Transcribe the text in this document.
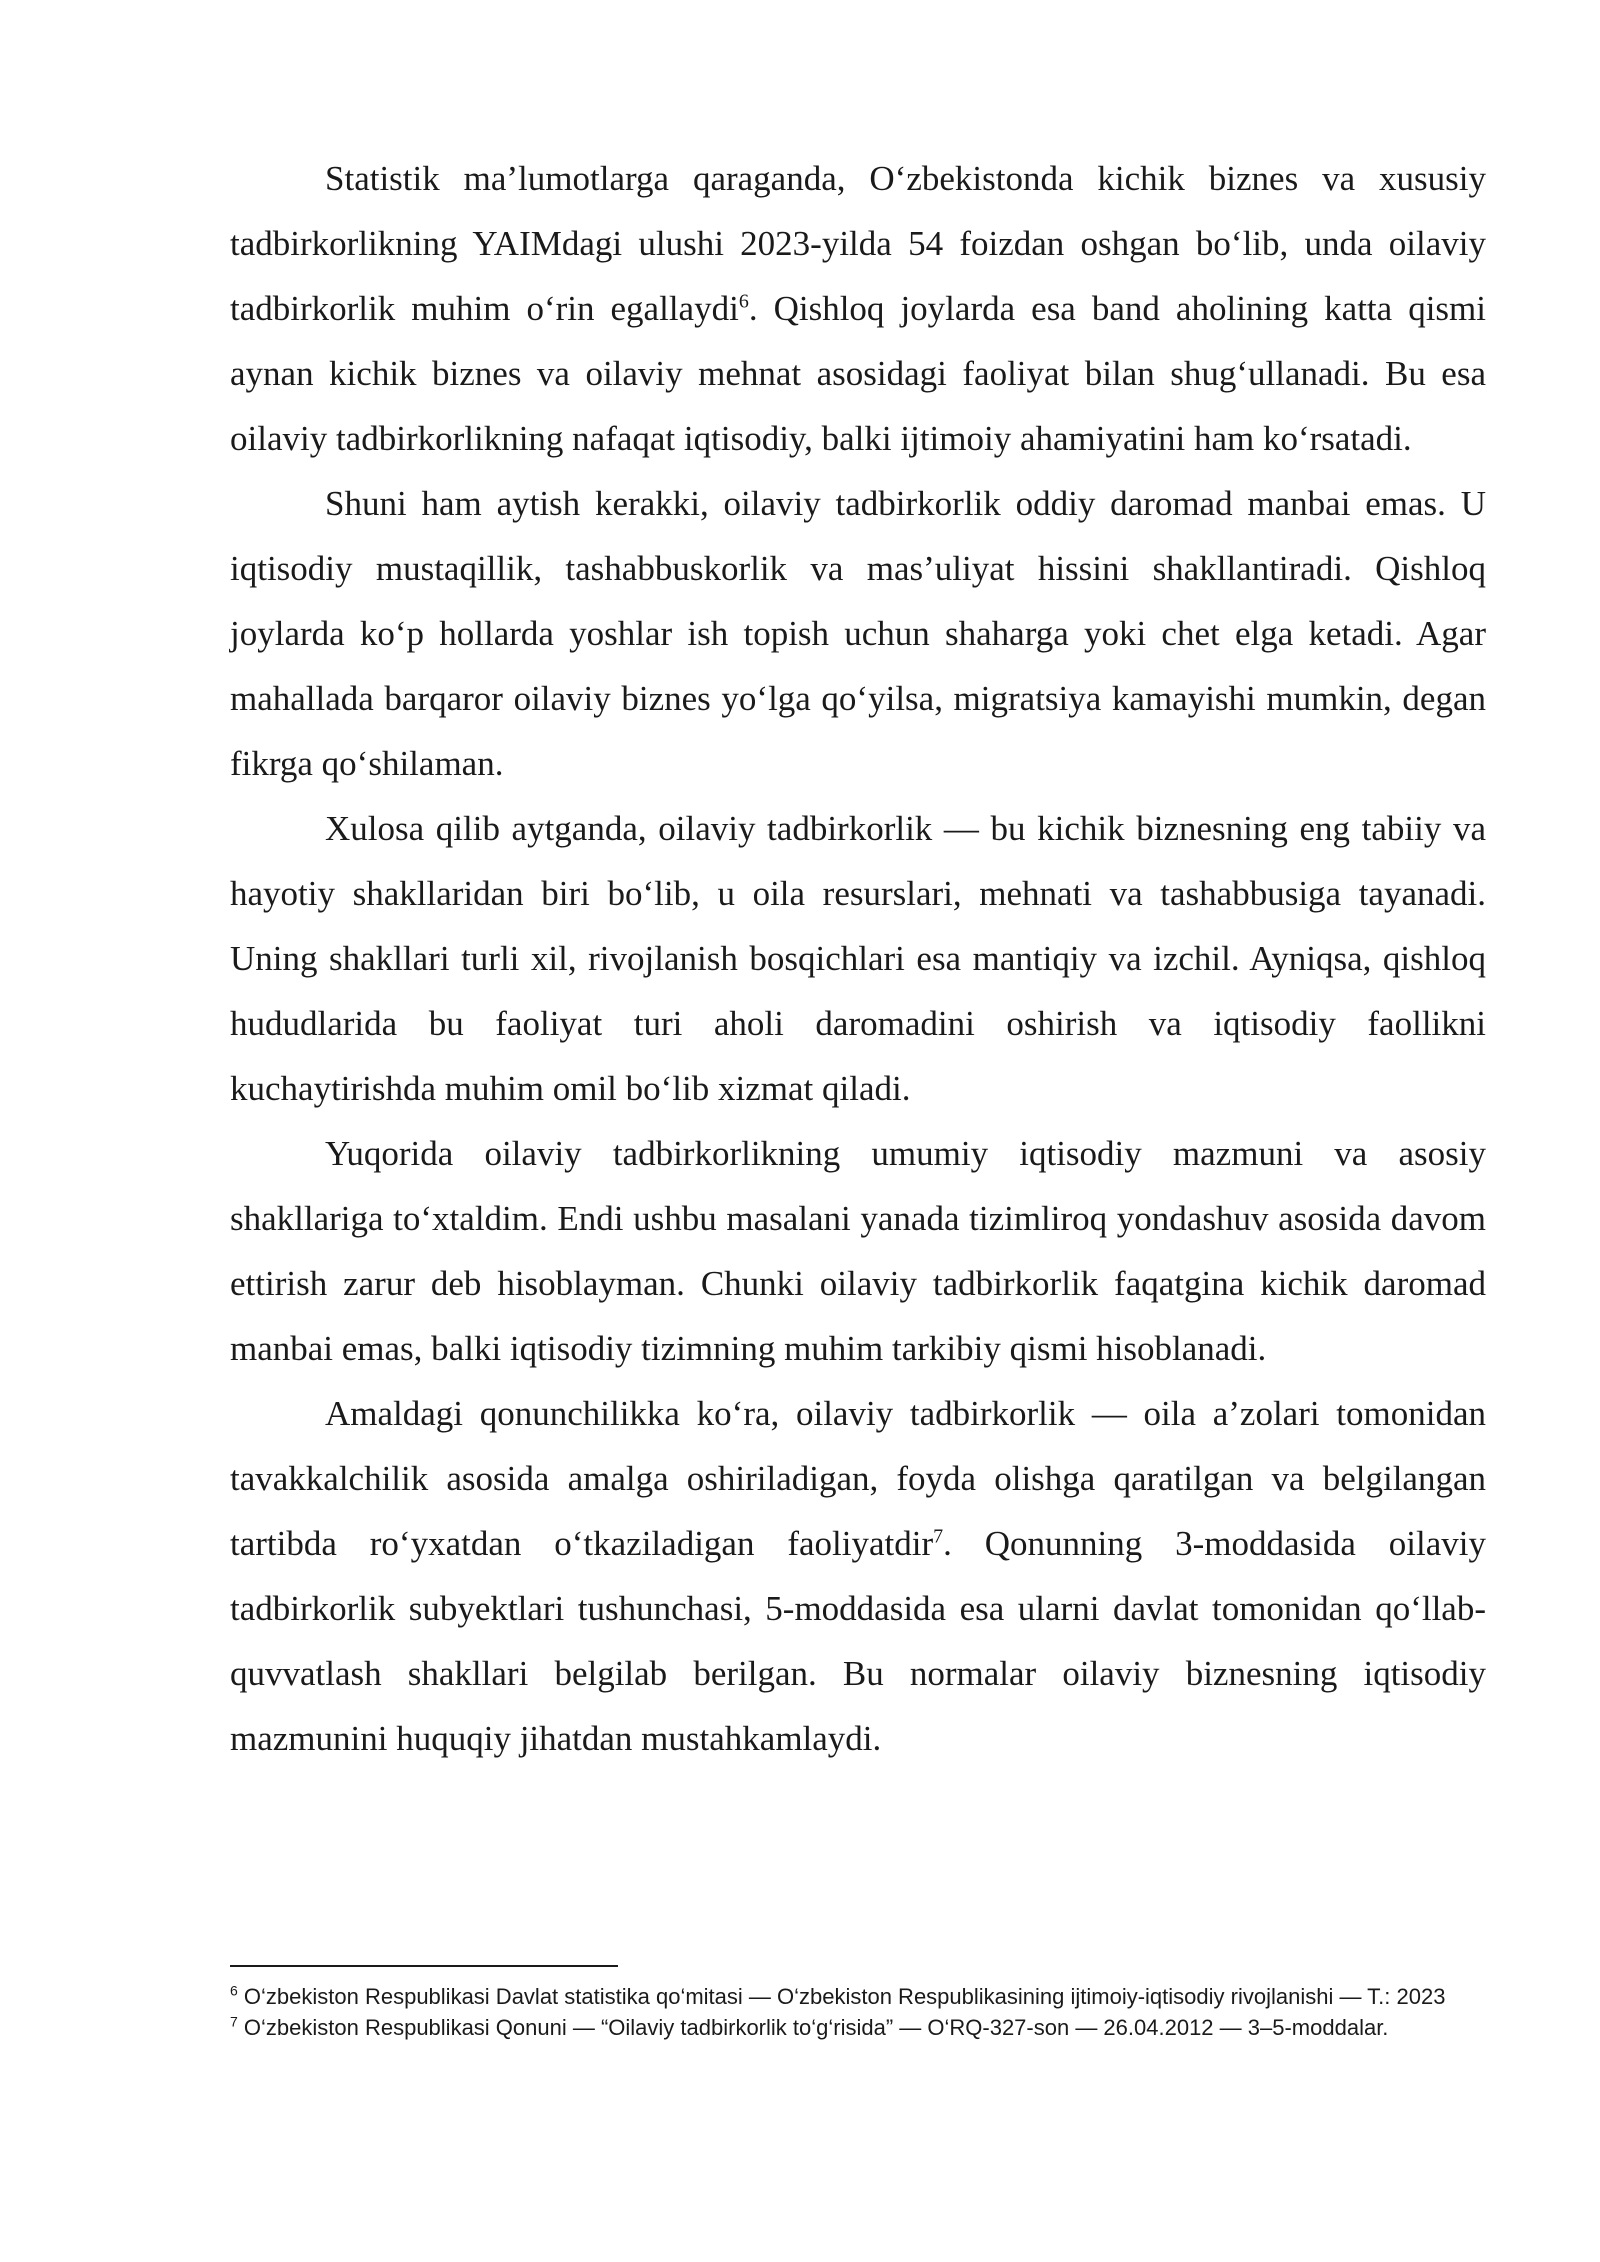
Statistik ma’lumotlarga qaraganda, O‘zbekistonda kichik biznes va xususiy tadbirkorlikning YAIMdagi ulushi 2023-yilda 54 foizdan oshgan bo‘lib, unda oilaviy tadbirkorlik muhim o‘rin egallaydi$^6$. Qishloq joylarda esa band aholining katta qismi aynan kichik biznes va oilaviy mehnat asosidagi faoliyat bilan shug‘ullanadi. Bu esa oilaviy tadbirkorlikning nafaqat iqtisodiy, balki ijtimoiy ahamiyatini ham ko‘rsatadi.

Shuni ham aytish kerakki, oilaviy tadbirkorlik oddiy daromad manbai emas. U iqtisodiy mustaqillik, tashabbuskorlik va mas’uliyat hissini shakllantiradi. Qishloq joylarda ko‘p hollarda yoshlar ish topish uchun shaharga yoki chet elga ketadi. Agar mahallada barqaror oilaviy biznes yo‘lga qo‘yilsa, migratsiya kamayishi mumkin, degan fikrga qo‘shilaman.

Xulosa qilib aytganda, oilaviy tadbirkorlik — bu kichik biznesning eng tabiiy va hayotiy shakllaridan biri bo‘lib, u oila resurslari, mehnati va tashabbusiga tayanadi. Uning shakllari turli xil, rivojlanish bosqichlari esa mantiqiy va izchil. Ayniqsa, qishloq hududlarida bu faoliyat turi aholi daromadini oshirish va iqtisodiy faollikni kuchaytirishda muhim omil bo‘lib xizmat qiladi.

Yuqorida oilaviy tadbirkorlikning umumiy iqtisodiy mazmuni va asosiy shakllariga to‘xtaldim. Endi ushbu masalani yanada tizimliroq yondashuv asosida davom ettirish zarur deb hisoblayman. Chunki oilaviy tadbirkorlik faqatgina kichik daromad manbai emas, balki iqtisodiy tizimning muhim tarkibiy qismi hisoblanadi.

Amaldagi qonunchilikka ko‘ra, oilaviy tadbirkorlik — oila a’zolari tomonidan tavakkalchilik asosida amalga oshiriladigan, foyda olishga qaratilgan va belgilangan tartibda ro‘yxatdan o‘tkaziladigan faoliyatdir$^7$. Qonunning 3-moddasida oilaviy tadbirkorlik subyektlari tushunchasi, 5-moddasida esa ularni davlat tomonidan qo‘llab-quvvatlash shakllari belgilab berilgan. Bu normalar oilaviy biznesning iqtisodiy mazmunini huquqiy jihatdan mustahkamlaydi.

$^6$ O‘zbekiston Respublikasi Davlat statistika qo‘mitasi — O‘zbekiston Respublikasining ijtimoiy-iqtisodiy rivojlanishi — T.: 2023

$^7$ O‘zbekiston Respublikasi Qonuni — “Oilaviy tadbirkorlik to‘g‘risida” — O‘RQ-327-son — 26.04.2012 — 3–5-moddalar.
